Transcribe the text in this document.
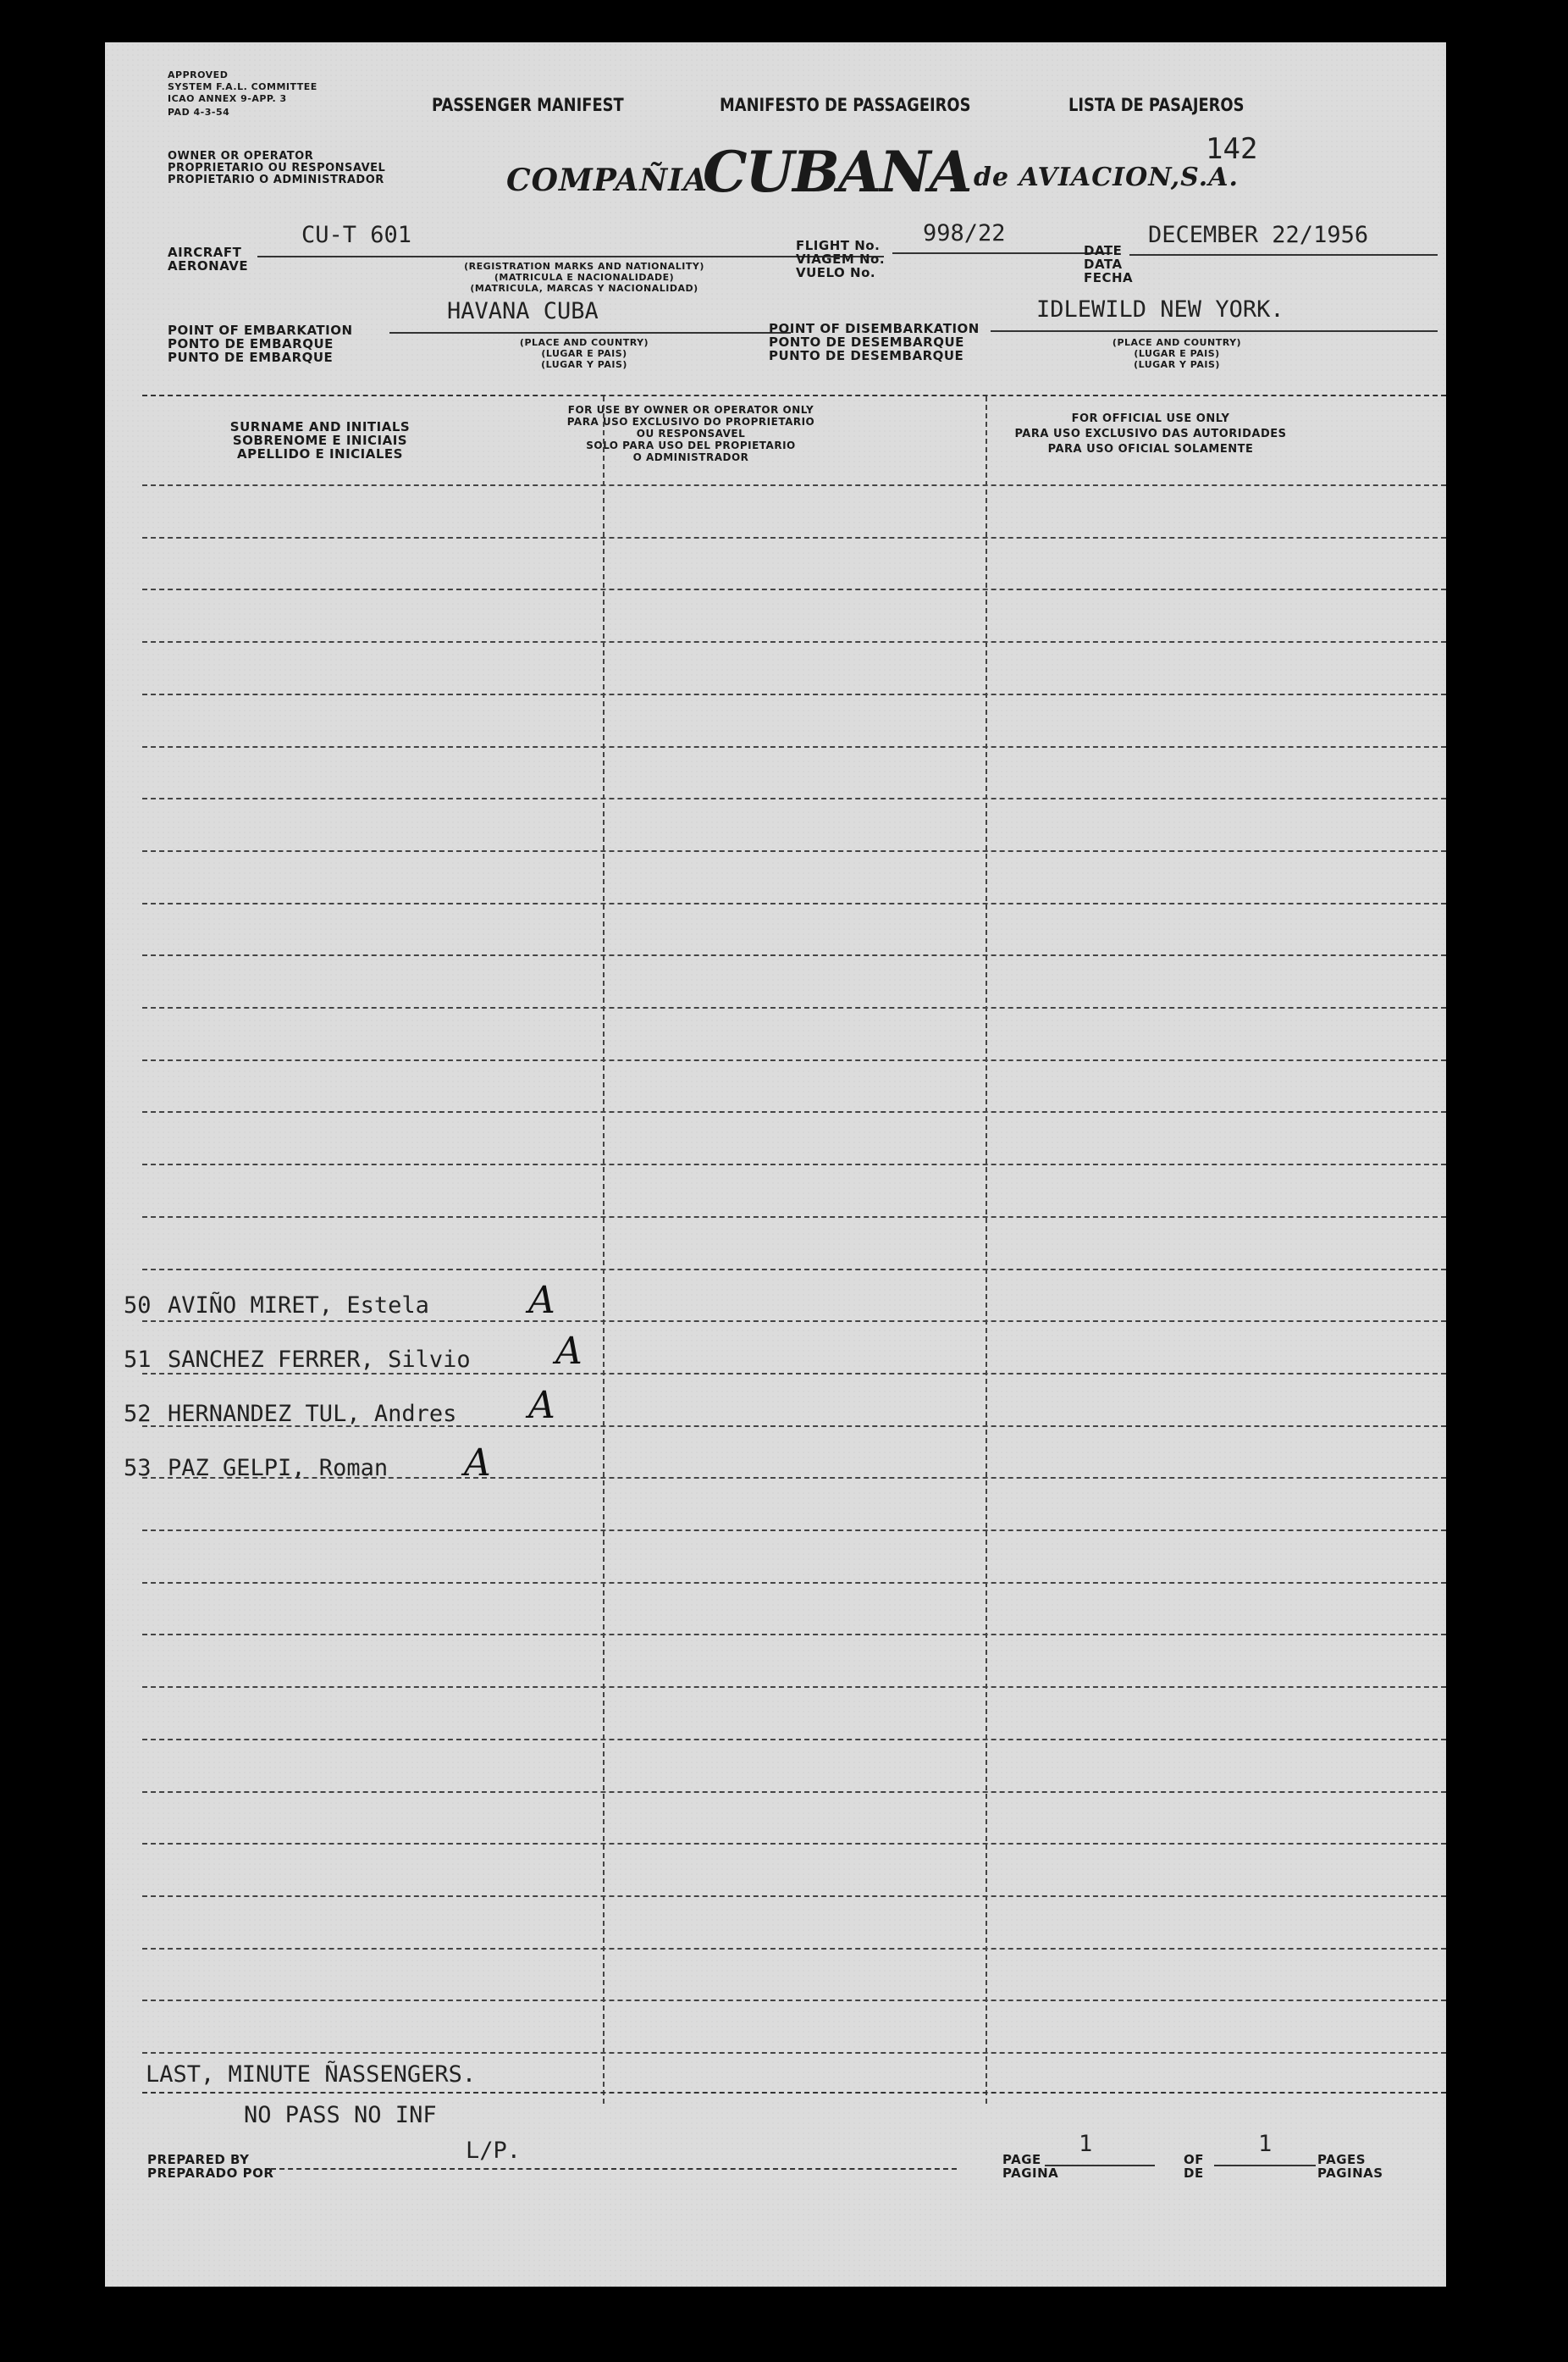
APPROVED
SYSTEM F.A.L. COMMITTEE
ICAO ANNEX 9-APP. 3
PAD 4-3-54	PASSENGER MANIFEST	MANIFESTO DE PASSAGEIROS	LISTA DE PASAJEROS
142
OWNER OR OPERATOR
PROPRIETARIO OU RESPONSAVEL
PROPIETARIO O ADMINISTRADOR	COMPAÑIA
CUBANA de AVIACION,S.A.
AIRCRAFT
AERONAVE
CU-T 601
(REGISTRATION MARKS AND NATIONALITY)
(MATRICULA E NACIONALIDADE)
(MATRICULA, MARCAS Y NACIONALIDAD)
FLIGHT No.
VIAGEM No.
VUELO No.
998/22
DATE
DATA
FECHA
DECEMBER 22/1956
POINT OF EMBARKATION
PONTO DE EMBARQUE
PUNTO DE EMBARQUE
HAVANA CUBA
(PLACE AND COUNTRY)
(LUGAR E PAIS)
(LUGAR Y PAIS)
POINT OF DISEMBARKATION
PONTO DE DESEMBARQUE
PUNTO DE DESEMBARQUE
IDLEWILD NEW YORK.
(PLACE AND COUNTRY)
(LUGAR E PAIS)
(LUGAR Y PAIS)
SURNAME AND INITIALS
SOBRENOME E INICIAIS
APELLIDO E INICIALES
FOR USE BY OWNER OR OPERATOR ONLY
PARA USO EXCLUSIVO DO PROPRIETARIO
OU RESPONSAVEL
SOLO PARA USO DEL PROPIETARIO
O ADMINISTRADOR
FOR OFFICIAL USE ONLY
PARA USO EXCLUSIVO DAS AUTORIDADES
PARA USO OFICIAL SOLAMENTE
50 AVIÑO MIRET, Estela	A
51 SANCHEZ FERRER, Silvio A
52 HERNANDEZ TUL, Andres A
53 PAZ GELPI, Roman A
LAST, MINUTE ÑASSENGERS.
NO PASS NO INF
L/P.
PREPARED BY
PREPARADO POR
PAGE
PAGINA
1
OF
DE
1
PAGES
PAGINAS
